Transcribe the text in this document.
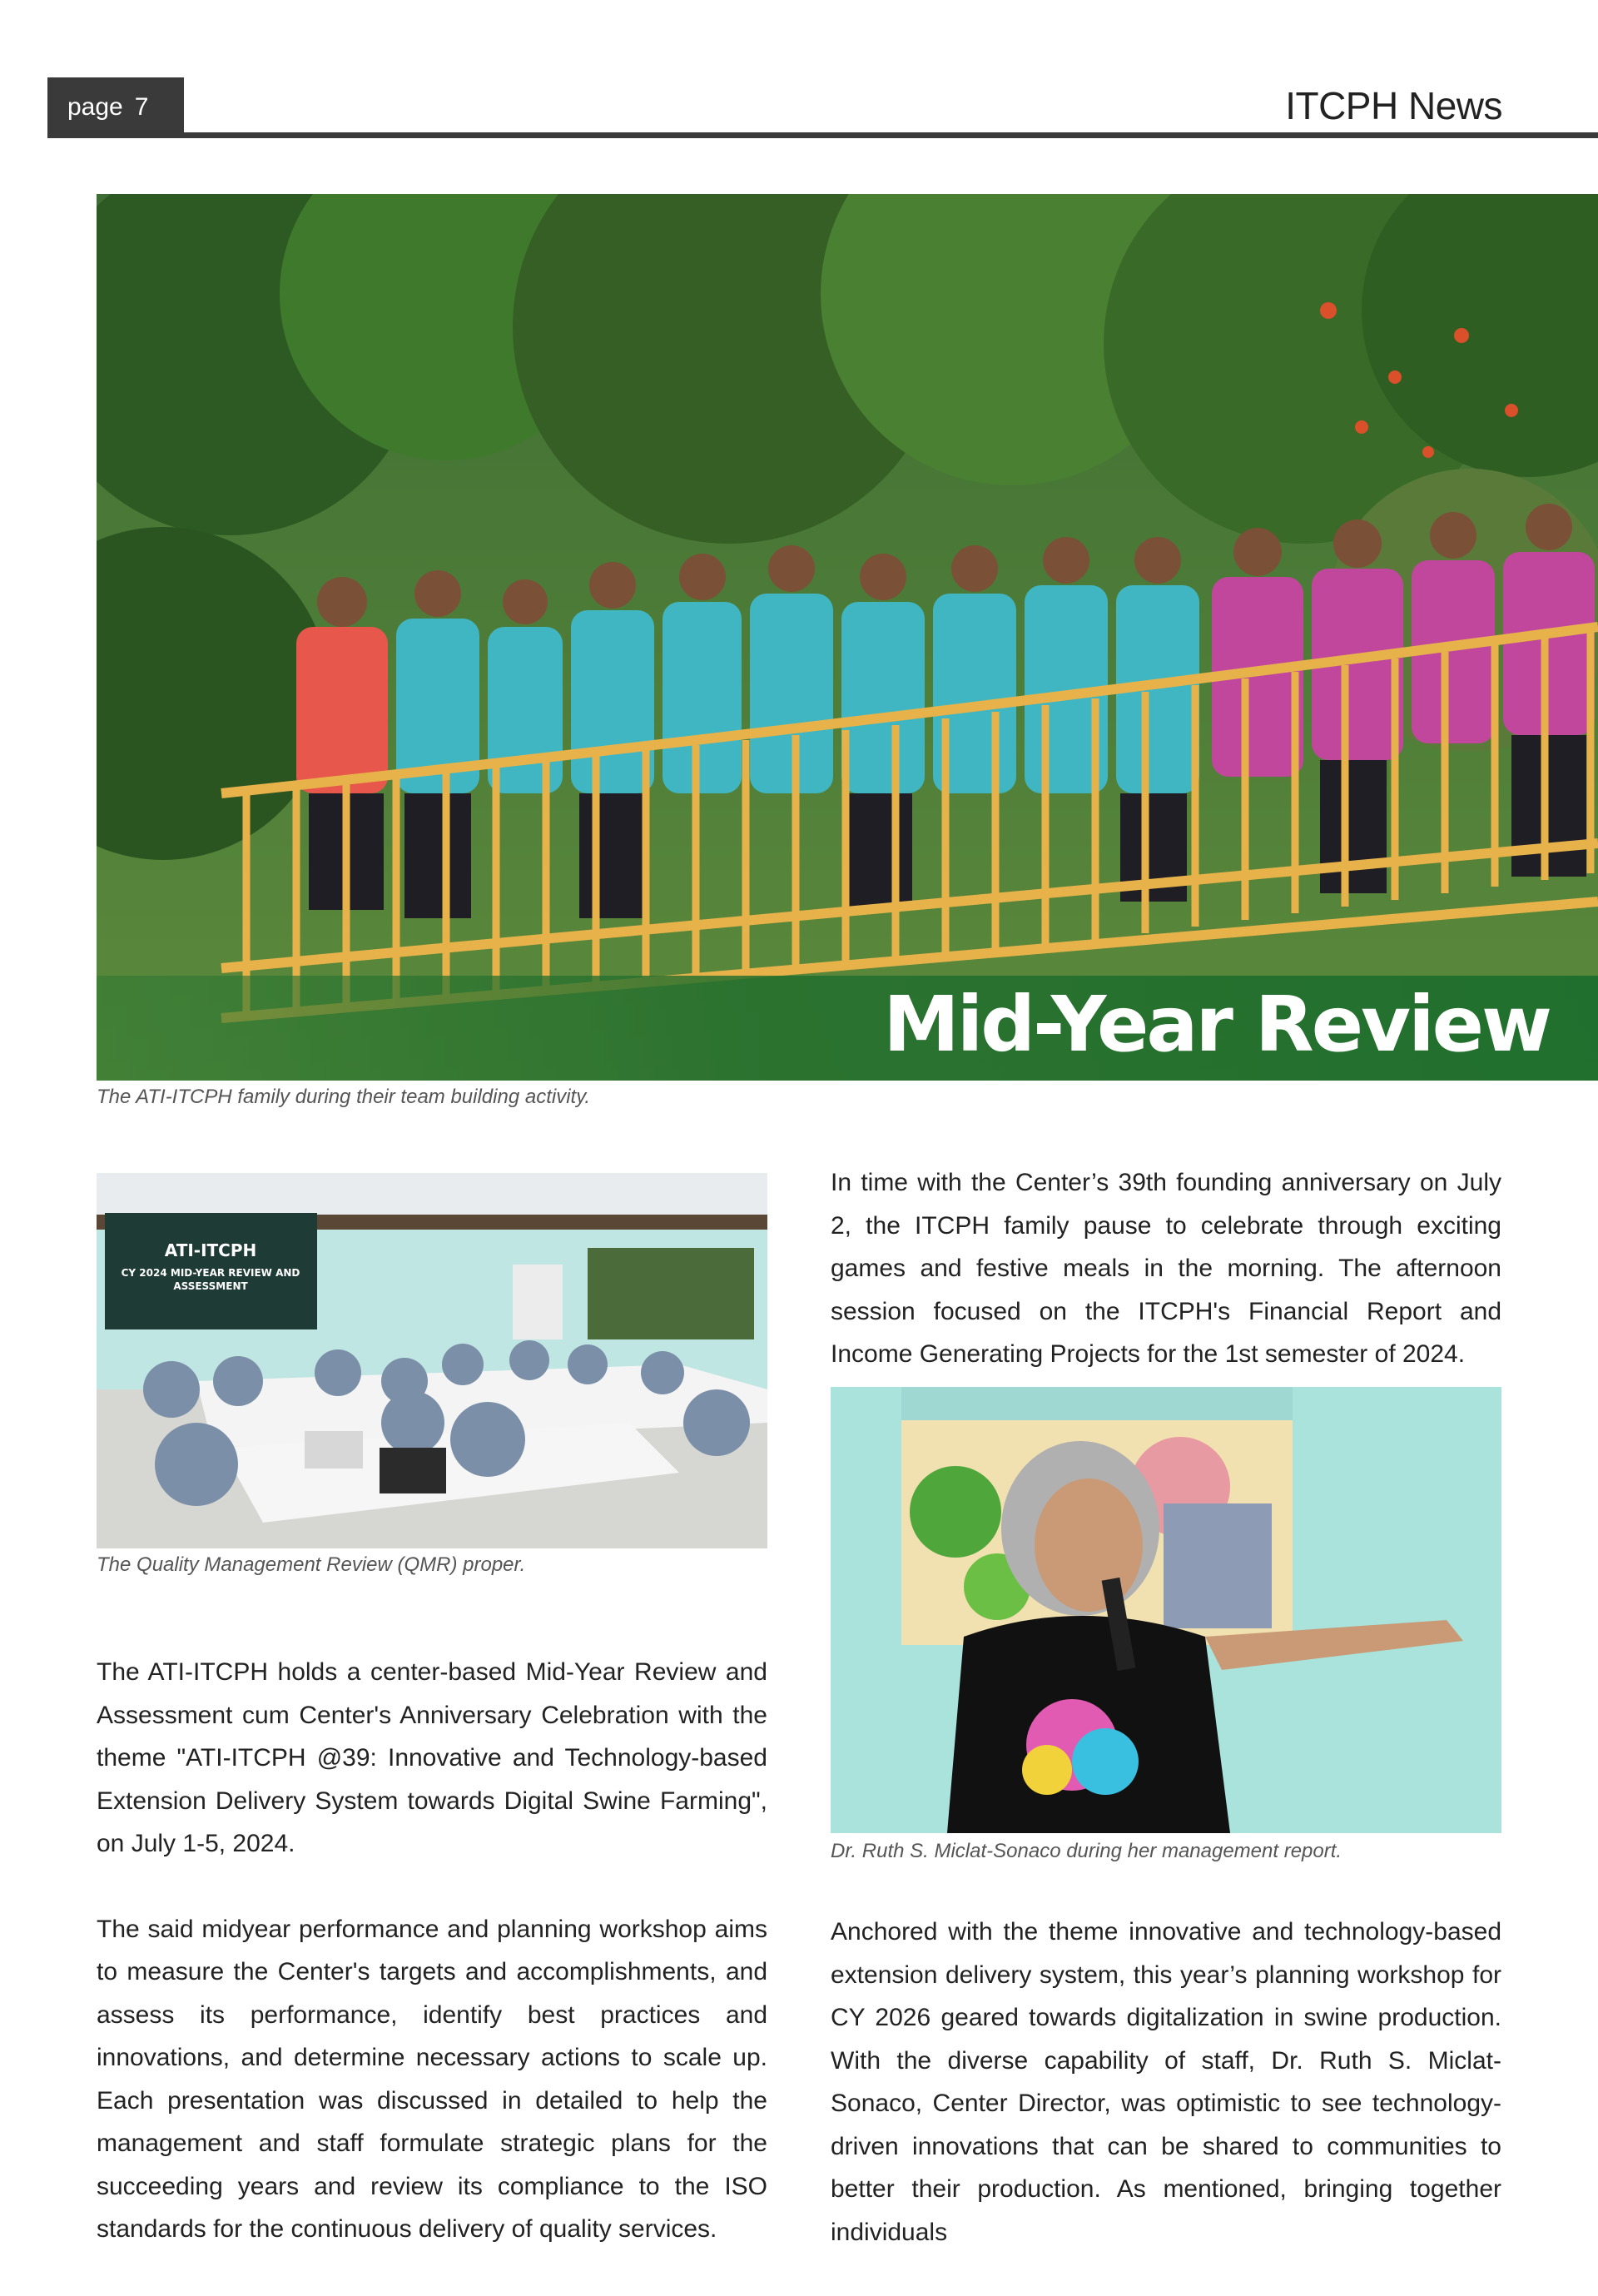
page 7	ITCPH News
Mid-Year Review
The ATI-ITCPH family during their team building activity.
ATI-ITCPH
CY 2024 MID-YEAR REVIEW AND
ASSESSMENT
The Quality Management Review (QMR) proper.

The ATI-ITCPH holds a center-based Mid-Year Review and Assessment cum Center's Anniversary Celebration with the theme "ATI-ITCPH @39: Innovative and Technology-based Extension Delivery System towards Digital Swine Farming", on July 1-5, 2024.

The said midyear performance and planning workshop aims to measure the Center's targets and accomplishments, and assess its performance, identify best practices and innovations, and determine necessary actions to scale up. Each presentation was discussed in detailed to help the management and staff formulate strategic plans for the succeeding years and review its compliance to the ISO standards for the continuous delivery of quality services.

In time with the Center’s 39th founding anniversary on July 2, the ITCPH family pause to celebrate through exciting games and festive meals in the morning. The afternoon session focused on the ITCPH's Financial Report and Income Generating Projects for the 1st semester of 2024.

Dr. Ruth S. Miclat-Sonaco during her management report.

Anchored with the theme innovative and technology-based extension delivery system, this year’s planning workshop for CY 2026 geared towards digitalization in swine production. With the diverse capability of staff, Dr. Ruth S. Miclat-Sonaco, Center Director, was optimistic to see technology-driven innovations that can be shared to communities to better their production. As mentioned, bringing together individuals
